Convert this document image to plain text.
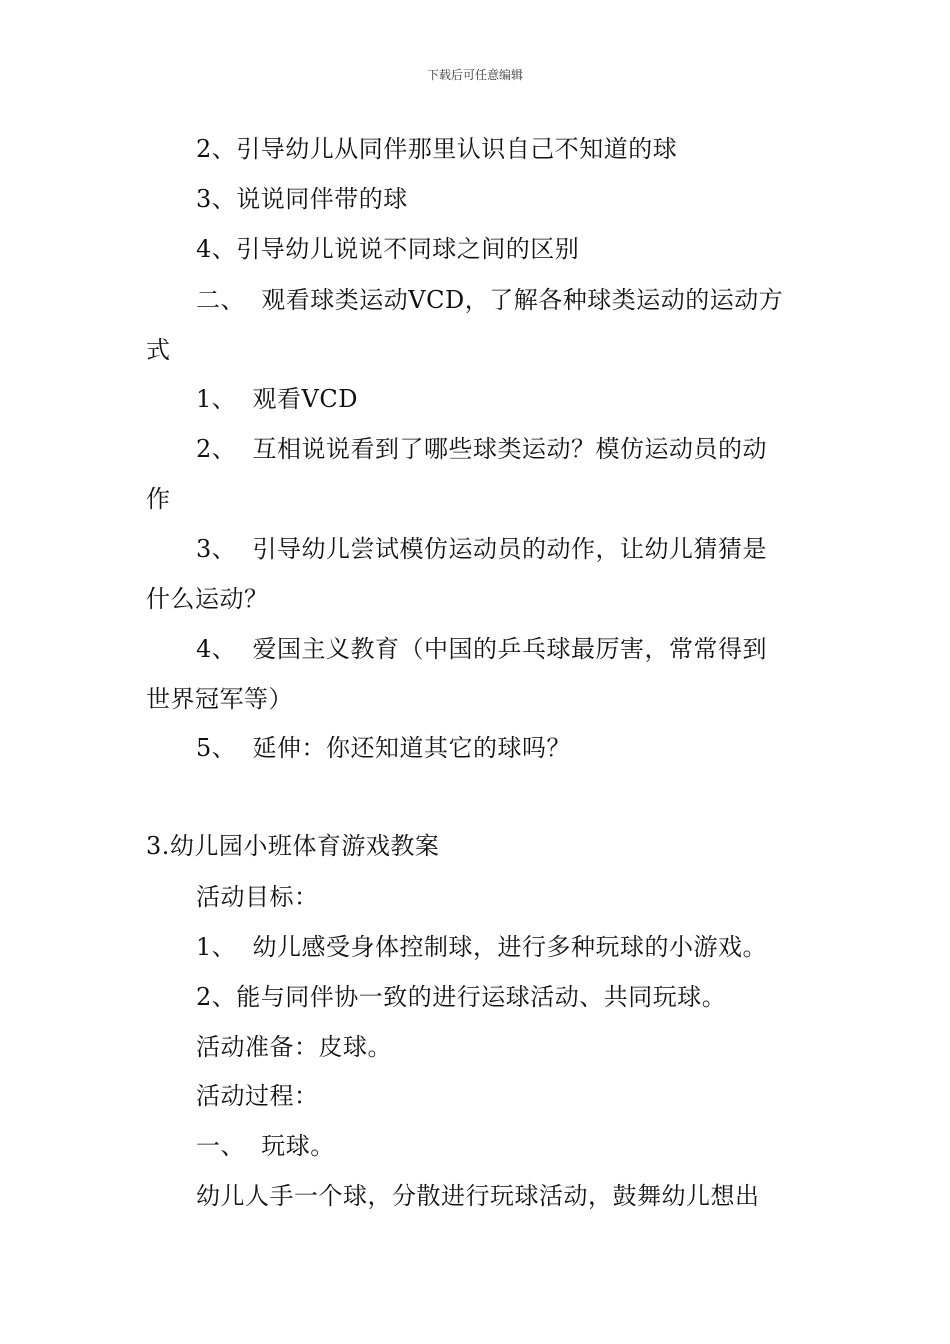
下载后可任意编辑
2、引导幼儿从同伴那里认识自己不知道的球
3、说说同伴带的球
4、引导幼儿说说不同球之间的区别
二、  观看球类运动VCD，了解各种球类运动的运动方
式
1、  观看VCD
2、  互相说说看到了哪些球类运动？模仿运动员的动
作
3、  引导幼儿尝试模仿运动员的动作，让幼儿猜猜是
什么运动？
4、  爱国主义教育（中国的乒乓球最厉害，常常得到
世界冠军等）
5、  延伸：你还知道其它的球吗？
3.幼儿园小班体育游戏教案
活动目标：
1、  幼儿感受身体控制球，进行多种玩球的小游戏。
2、能与同伴协一致的进行运球活动、共同玩球。
活动准备：皮球。
活动过程：
一、  玩球。
幼儿人手一个球，分散进行玩球活动，鼓舞幼儿想出
